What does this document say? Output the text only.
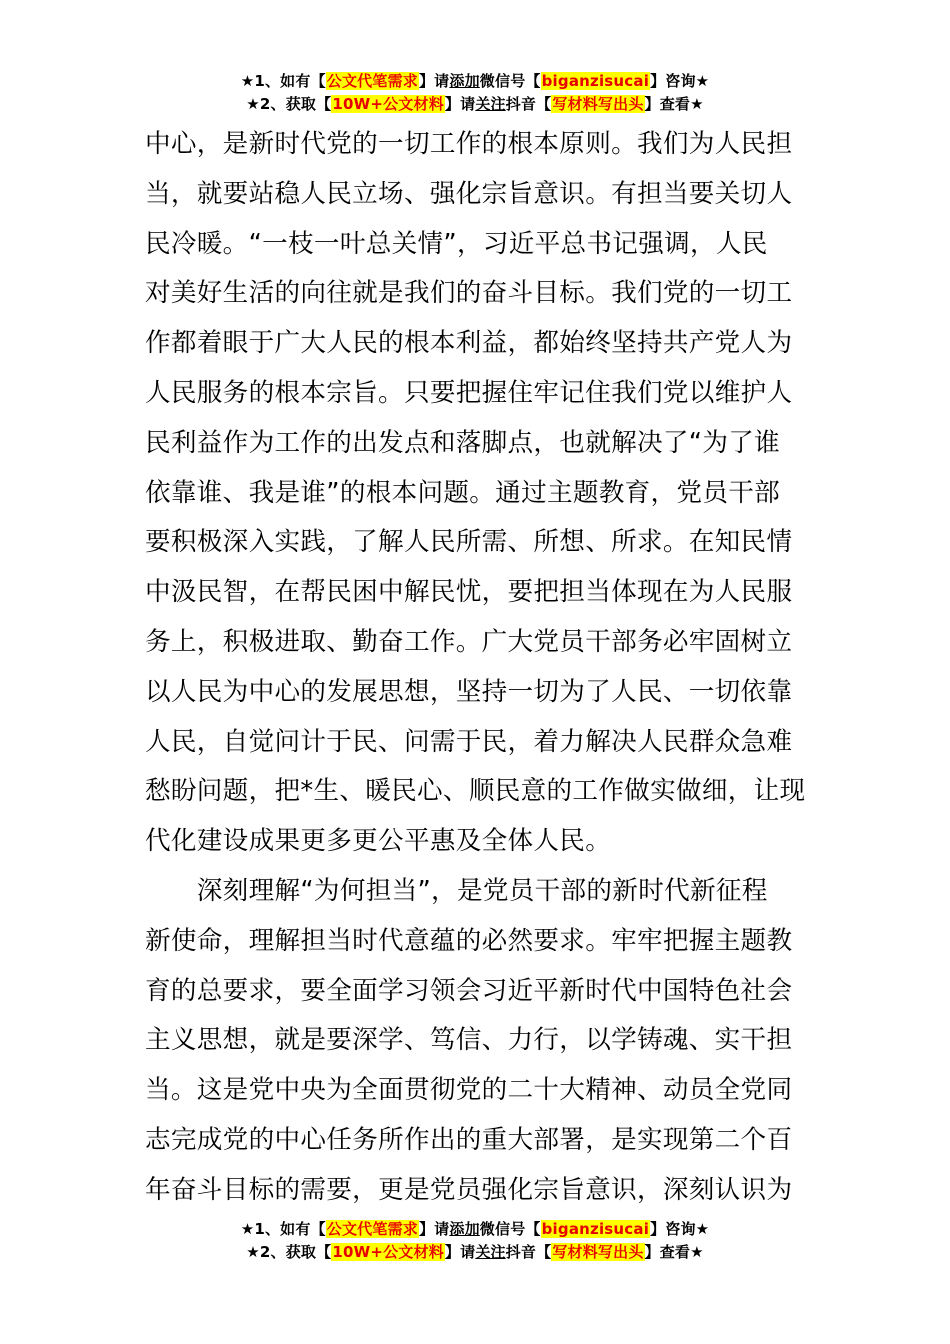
★1、如有【公文代笔需求】请添加微信号【biganzisucai】咨询★
★2、获取【10W+公文材料】请关注抖音【写材料写出头】查看★
中心，是新时代党的一切工作的根本原则。我们为人民担
当，就要站稳人民立场、强化宗旨意识。有担当要关切人
民冷暖。“一枝一叶总关情”，习近平总书记强调，人民
对美好生活的向往就是我们的奋斗目标。我们党的一切工
作都着眼于广大人民的根本利益，都始终坚持共产党人为
人民服务的根本宗旨。只要把握住牢记住我们党以维护人
民利益作为工作的出发点和落脚点，也就解决了“为了谁
依靠谁、我是谁”的根本问题。通过主题教育，党员干部
要积极深入实践，了解人民所需、所想、所求。在知民情
中汲民智，在帮民困中解民忧，要把担当体现在为人民服
务上，积极进取、勤奋工作。广大党员干部务必牢固树立
以人民为中心的发展思想，坚持一切为了人民、一切依靠
人民，自觉问计于民、问需于民，着力解决人民群众急难
愁盼问题，把*生、暖民心、顺民意的工作做实做细，让现
代化建设成果更多更公平惠及全体人民。
　　深刻理解“为何担当”，是党员干部的新时代新征程
新使命，理解担当时代意蕴的必然要求。牢牢把握主题教
育的总要求，要全面学习领会习近平新时代中国特色社会
主义思想，就是要深学、笃信、力行，以学铸魂、实干担
当。这是党中央为全面贯彻党的二十大精神、动员全党同
志完成党的中心任务所作出的重大部署，是实现第二个百
年奋斗目标的需要，更是党员强化宗旨意识，深刻认识为
★1、如有【公文代笔需求】请添加微信号【biganzisucai】咨询★
★2、获取【10W+公文材料】请关注抖音【写材料写出头】查看★
